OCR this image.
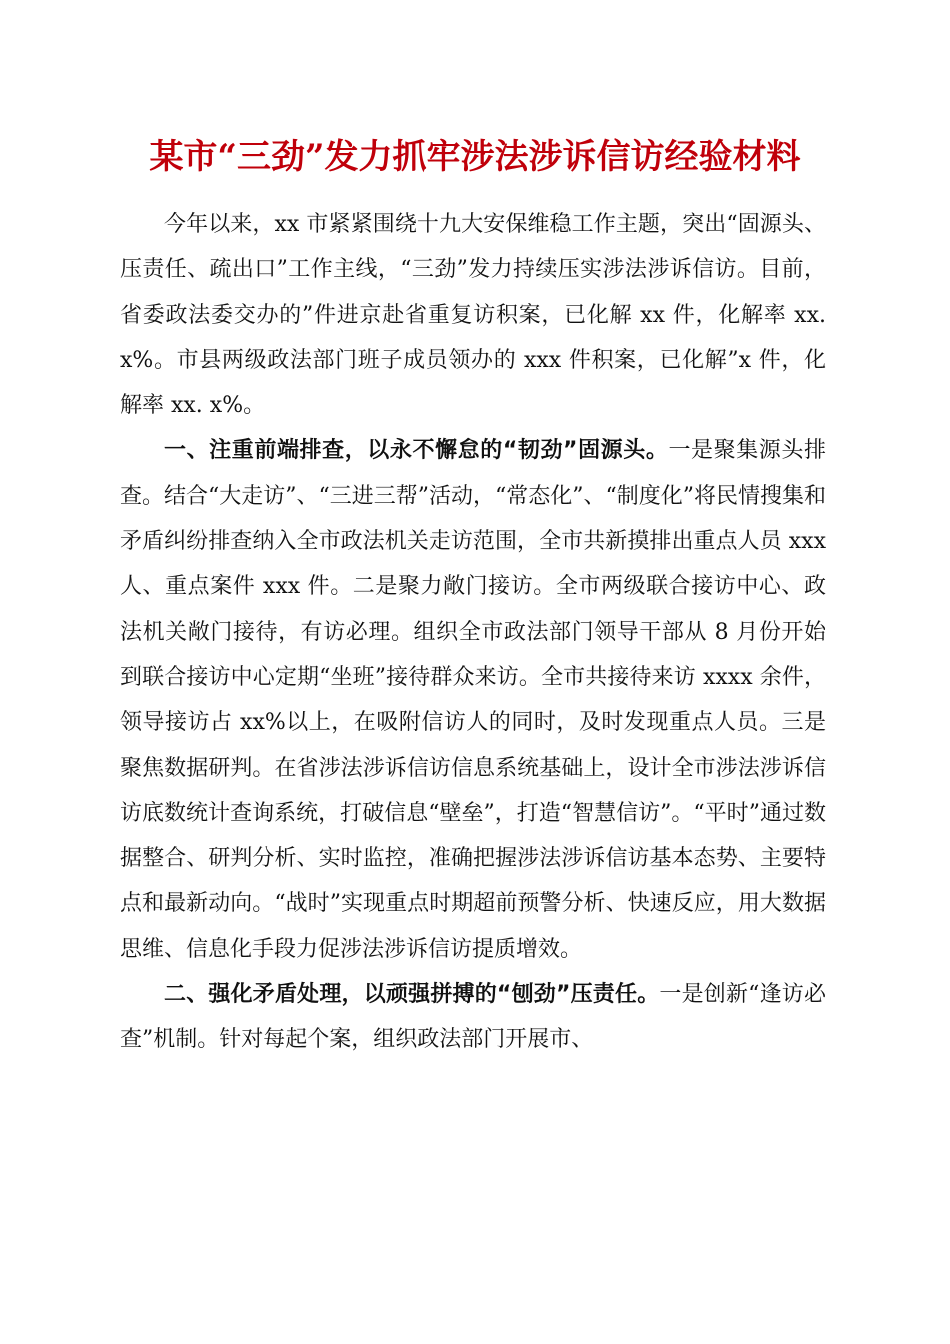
某市“三劲”发力抓牢涉法涉诉信访经验材料

今年以来，xx 市紧紧围绕十九大安保维稳工作主题，突出“固源头、压责任、疏出口”工作主线，“三劲”发力持续压实涉法涉诉信访。目前，省委政法委交办的”件进京赴省重复访积案，已化解 xx 件，化解率 xx. x%。市县两级政法部门班子成员领办的 xxx 件积案，已化解”x 件，化解率 xx. x%。

一、注重前端排查，以永不懈怠的“韧劲”固源头。一是聚集源头排查。结合“大走访”、“三进三帮”活动，“常态化”、“制度化”将民情搜集和矛盾纠纷排查纳入全市政法机关走访范围，全市共新摸排出重点人员 xxx 人、重点案件 xxx 件。二是聚力敞门接访。全市两级联合接访中心、政法机关敞门接待，有访必理。组织全市政法部门领导干部从 8 月份开始到联合接访中心定期“坐班”接待群众来访。全市共接待来访 xxxx 余件，领导接访占 xx%以上，在吸附信访人的同时，及时发现重点人员。三是聚焦数据研判。在省涉法涉诉信访信息系统基础上，设计全市涉法涉诉信访底数统计查询系统，打破信息“壁垒”，打造“智慧信访”。“平时”通过数据整合、研判分析、实时监控，准确把握涉法涉诉信访基本态势、主要特点和最新动向。“战时”实现重点时期超前预警分析、快速反应，用大数据思维、信息化手段力促涉法涉诉信访提质增效。

二、强化矛盾处理，以顽强拼搏的“刨劲”压责任。一是创新“逢访必查”机制。针对每起个案，组织政法部门开展市、
